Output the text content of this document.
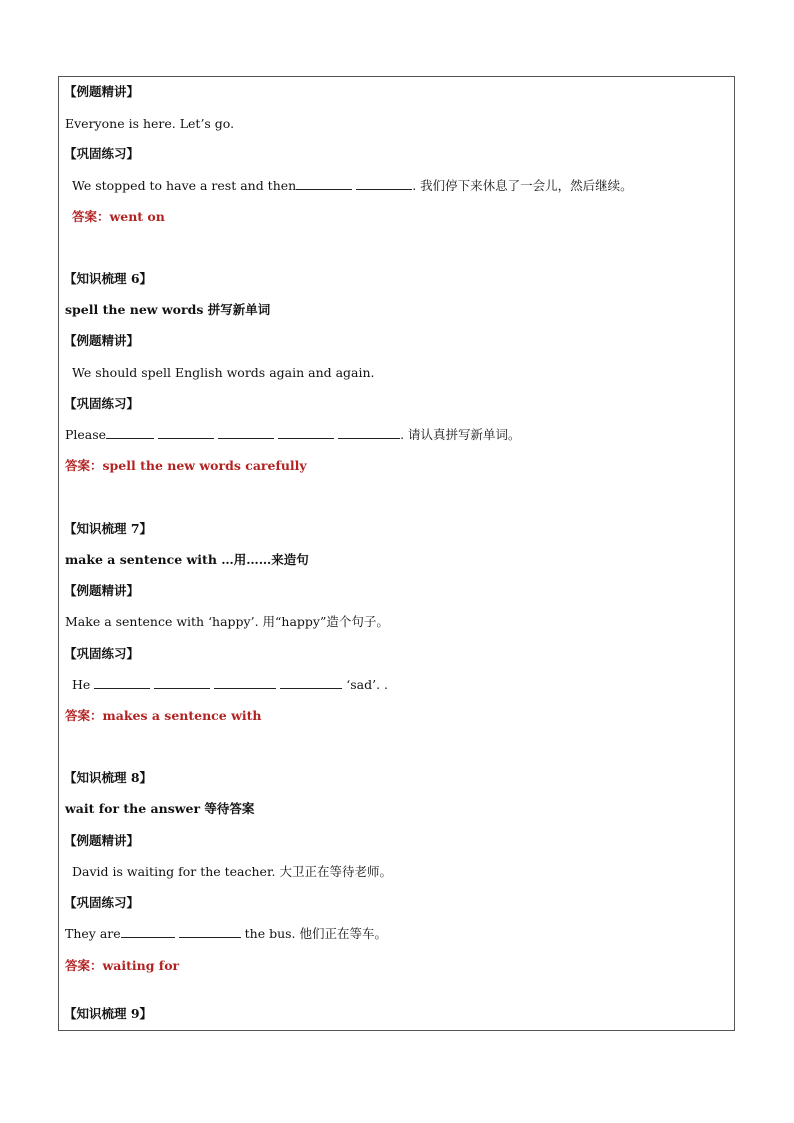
【例题精讲】
Everyone is here. Let’s go.
【巩固练习】
We stopped to have a rest and then	. 我们停下来休息了一会儿，然后继续。
答案：went on
【知识梳理 6】
spell the new words 拼写新单词
【例题精讲】
We should spell English words again and again.
【巩固练习】
Please	. 请认真拼写新单词。
答案：spell the new words carefully
【知识梳理 7】
make a sentence with …用……来造句
【例题精讲】
Make a sentence with ‘happy’. 用“happy”造个句子。
【巩固练习】
He	‘sad’. .
答案：makes a sentence with
【知识梳理 8】
wait for the answer 等待答案
【例题精讲】
David is waiting for the teacher. 大卫正在等待老师。
【巩固练习】
They are	the bus. 他们正在等车。
答案：waiting for
【知识梳理 9】
